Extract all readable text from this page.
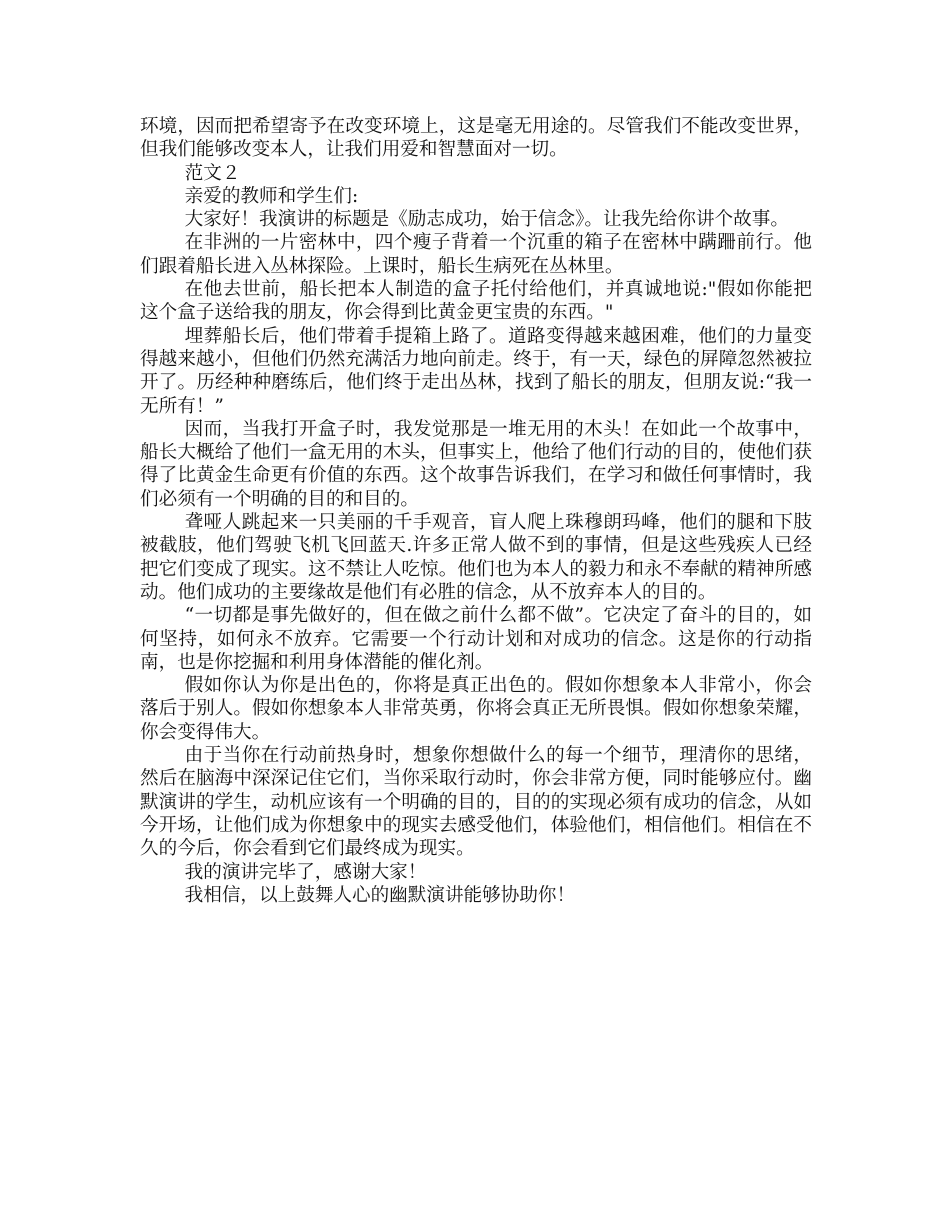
环境，因而把希望寄予在改变环境上，这是毫无用途的。尽管我们不能改变世界，但我们能够改变本人，让我们用爱和智慧面对一切。

范文２

亲爱的教师和学生们:

大家好！我演讲的标题是《励志成功，始于信念》。让我先给你讲个故事。

在非洲的一片密林中，四个瘦子背着一个沉重的箱子在密林中蹒跚前行。他们跟着船长进入丛林探险。上课时，船长生病死在丛林里。

在他去世前，船长把本人制造的盒子托付给他们，并真诚地说:"假如你能把这个盒子送给我的朋友，你会得到比黄金更宝贵的东西。"

埋葬船长后，他们带着手提箱上路了。道路变得越来越困难，他们的力量变得越来越小，但他们仍然充满活力地向前走。终于，有一天，绿色的屏障忽然被拉开了。历经种种磨练后，他们终于走出丛林，找到了船长的朋友，但朋友说:“我一无所有！”

因而，当我打开盒子时，我发觉那是一堆无用的木头！在如此一个故事中，船长大概给了他们一盒无用的木头，但事实上，他给了他们行动的目的，使他们获得了比黄金生命更有价值的东西。这个故事告诉我们，在学习和做任何事情时，我们必须有一个明确的目的和目的。

聋哑人跳起来一只美丽的千手观音，盲人爬上珠穆朗玛峰，他们的腿和下肢被截肢，他们驾驶飞机飞回蓝天.许多正常人做不到的事情，但是这些残疾人已经把它们变成了现实。这不禁让人吃惊。他们也为本人的毅力和永不奉献的精神所感动。他们成功的主要缘故是他们有必胜的信念，从不放弃本人的目的。

“一切都是事先做好的，但在做之前什么都不做”。它决定了奋斗的目的，如何坚持，如何永不放弃。它需要一个行动计划和对成功的信念。这是你的行动指南，也是你挖掘和利用身体潜能的催化剂。

假如你认为你是出色的，你将是真正出色的。假如你想象本人非常小，你会落后于别人。假如你想象本人非常英勇，你将会真正无所畏惧。假如你想象荣耀，你会变得伟大。

由于当你在行动前热身时，想象你想做什么的每一个细节，理清你的思绪，然后在脑海中深深记住它们，当你采取行动时，你会非常方便，同时能够应付。幽默演讲的学生，动机应该有一个明确的目的，目的的实现必须有成功的信念，从如今开场，让他们成为你想象中的现实去感受他们，体验他们，相信他们。相信在不久的今后，你会看到它们最终成为现实。

我的演讲完毕了，感谢大家！

我相信，以上鼓舞人心的幽默演讲能够协助你！
